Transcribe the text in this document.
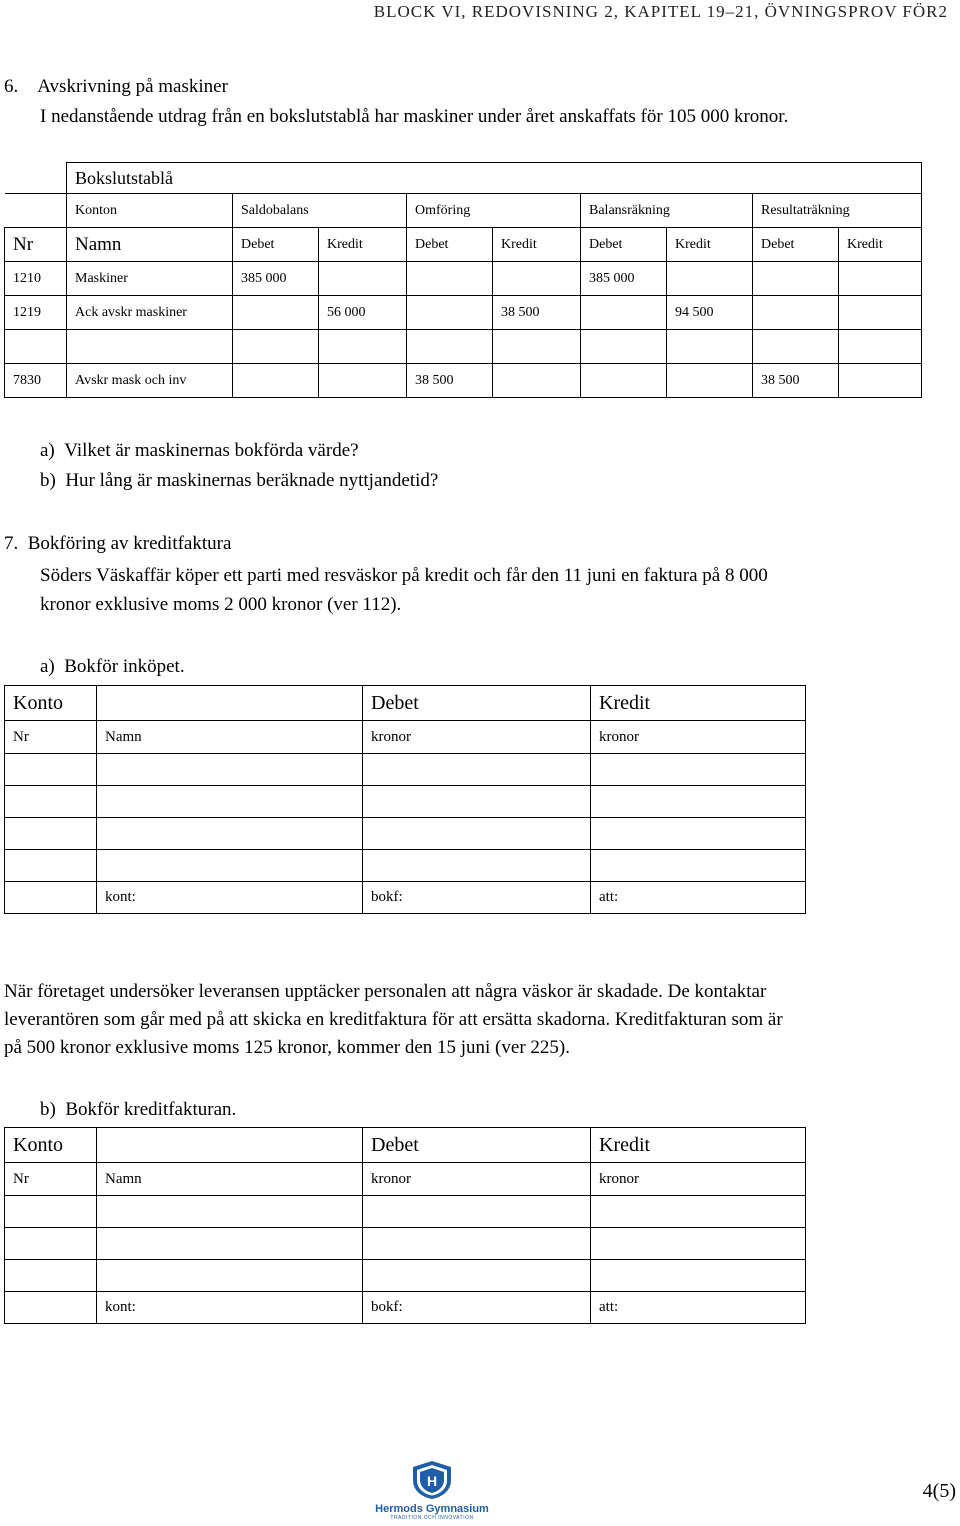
BLOCK VI, REDOVISNING 2, KAPITEL 19–21, ÖVNINGSPROV FÖR2
6.    Avskrivning på maskiner
I nedanstående utdrag från en bokslutstablå har maskiner under året anskaffats för 105 000 kronor.
	Bokslutstablå								
	Konton	Saldobalans		Omföring		Balansräkning		Resultaträkning	
Nr	Namn	Debet	Kredit	Debet	Kredit	Debet	Kredit	Debet	Kredit
1210	Maskiner	385 000				385 000			
1219	Ack avskr maskiner		56 000		38 500		94 500		

7830	Avskr mask och inv			38 500				38 500	
a)  Vilket är maskinernas bokförda värde?
b)  Hur lång är maskinernas beräknade nyttjandetid?
7.  Bokföring av kreditfaktura
Söders Väskaffär köper ett parti med resväskor på kredit och får den 11 juni en faktura på 8 000
kronor exklusive moms 2 000 kronor (ver 112).
a)  Bokför inköpet.
Konto		Debet	Kredit
Nr	Namn	kronor	kronor

	kont:	bokf:	att:
När företaget undersöker leveransen upptäcker personalen att några väskor är skadade. De kontaktar
leverantören som går med på att skicka en kreditfaktura för att ersätta skadorna. Kreditfakturan som är
på 500 kronor exklusive moms 125 kronor, kommer den 15 juni (ver 225).
b)  Bokför kreditfakturan.
Konto		Debet	Kredit
Nr	Namn	kronor	kronor

	kont:	bokf:	att:
H
Hermods Gymnasium
TRADITION OCH INNOVATION
4(5)
